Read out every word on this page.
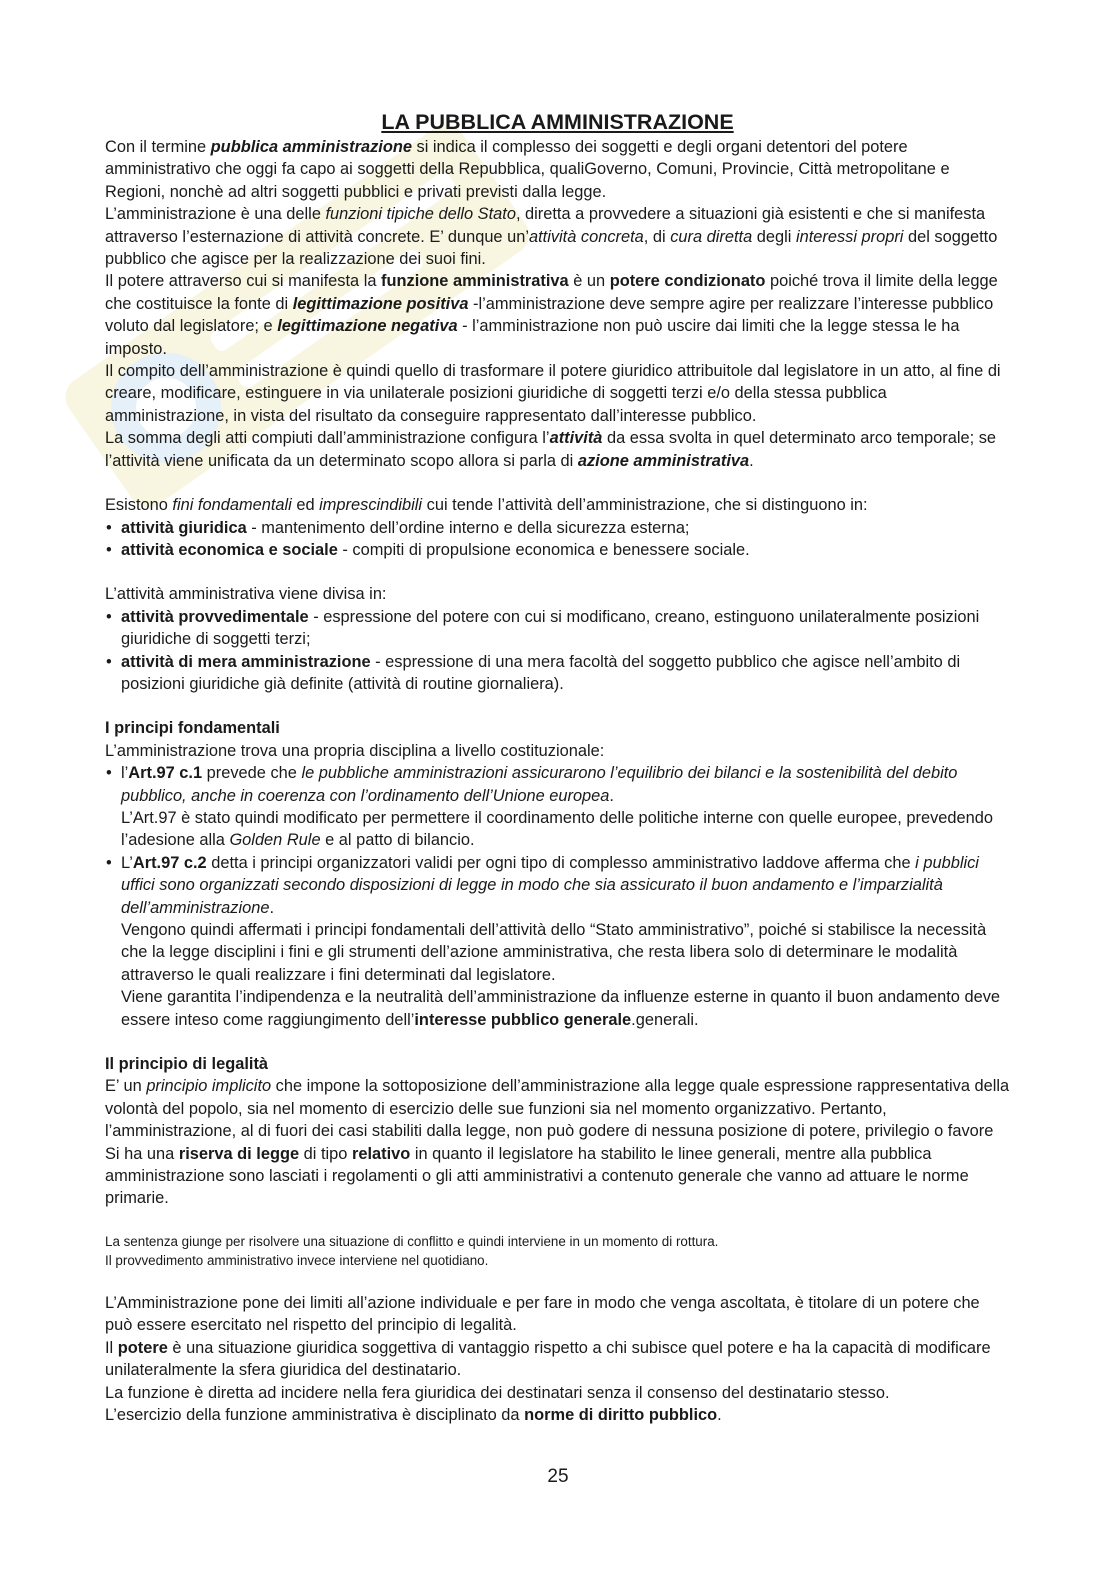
LA PUBBLICA AMMINISTRAZIONE

Con il termine pubblica amministrazione si indica il complesso dei soggetti e degli organi detentori del potere amministrativo che oggi fa capo ai soggetti della Repubblica, qualiGoverno, Comuni, Provincie, Città metropolitane e Regioni, nonchè ad altri soggetti pubblici e privati previsti dalla legge.

L’amministrazione è una delle funzioni tipiche dello Stato, diretta a provvedere a situazioni già esistenti e che si manifesta attraverso l’esternazione di attività concrete. E’ dunque un’attività concreta, di cura diretta degli interessi propri del soggetto pubblico che agisce per la realizzazione dei suoi fini.

Il potere attraverso cui si manifesta la funzione amministrativa è un potere condizionato poiché trova il limite della legge che costituisce la fonte di legittimazione positiva -l’amministrazione deve sempre agire per realizzare l’interesse pubblico voluto dal legislatore; e legittimazione negativa - l’amministrazione non può uscire dai limiti che la legge stessa le ha imposto.

Il compito dell’amministrazione è quindi quello di trasformare il potere giuridico attribuitole dal legislatore in un atto, al fine di creare, modificare, estinguere in via unilaterale posizioni giuridiche di soggetti terzi e/o della stessa pubblica amministrazione, in vista del risultato da conseguire rappresentato dall’interesse pubblico.

La somma degli atti compiuti dall’amministrazione configura l’attività da essa svolta in quel determinato arco temporale; se l’attività viene unificata da un determinato scopo allora si parla di azione amministrativa.

Esistono fini fondamentali ed imprescindibili cui tende l’attività dell’amministrazione, che si distinguono in:

• attività giuridica - mantenimento dell’ordine interno e della sicurezza esterna;
• attività economica e sociale - compiti di propulsione economica e benessere sociale.

L’attività amministrativa viene divisa in:

• attività provvedimentale - espressione del potere con cui si modificano, creano, estinguono unilateralmente posizioni giuridiche di soggetti terzi;
• attività di mera amministrazione - espressione di una mera facoltà del soggetto pubblico che agisce nell’ambito di posizioni giuridiche già definite (attività di routine giornaliera).
I principi fondamentali

L’amministrazione trova una propria disciplina a livello costituzionale:

• l’Art.97 c.1 prevede che le pubbliche amministrazioni assicurarono l’equilibrio dei bilanci e la sostenibilità del debito pubblico, anche in coerenza con l’ordinamento dell’Unione europea.
L’Art.97 è stato quindi modificato per permettere il coordinamento delle politiche interne con quelle europee, prevedendo l’adesione alla Golden Rule e al patto di bilancio.
• L’Art.97 c.2 detta i principi organizzatori validi per ogni tipo di complesso amministrativo laddove afferma che i pubblici uffici sono organizzati secondo disposizioni di legge in modo che sia assicurato il buon andamento e l’imparzialità dell’amministrazione.
Vengono quindi affermati i principi fondamentali dell’attività dello “Stato amministrativo”, poiché si stabilisce la necessità che la legge disciplini i fini e gli strumenti dell’azione amministrativa, che resta libera solo di determinare le modalità attraverso le quali realizzare i fini determinati dal legislatore.
Viene garantita l’indipendenza e la neutralità dell’amministrazione da influenze esterne in quanto il buon andamento deve essere inteso come raggiungimento dell’interesse pubblico generale.generali.
Il principio di legalità

E’ un principio implicito che impone la sottoposizione dell’amministrazione alla legge quale espressione rappresentativa della volontà del popolo, sia nel momento di esercizio delle sue funzioni sia nel momento organizzativo. Pertanto, l’amministrazione, al di fuori dei casi stabiliti dalla legge, non può godere di nessuna posizione di potere, privilegio o favore

Si ha una riserva di legge di tipo relativo in quanto il legislatore ha stabilito le linee generali, mentre alla pubblica amministrazione sono lasciati i regolamenti o gli atti amministrativi a contenuto generale che vanno ad attuare le norme primarie.

La sentenza giunge per risolvere una situazione di conflitto e quindi interviene in un momento di rottura.

Il provvedimento amministrativo invece interviene nel quotidiano.

L’Amministrazione pone dei limiti all’azione individuale e per fare in modo che venga ascoltata, è titolare di un potere che può essere esercitato nel rispetto del principio di legalità.

Il potere è una situazione giuridica soggettiva di vantaggio rispetto a chi subisce quel potere e ha la capacità di modificare unilateralmente la sfera giuridica del destinatario.

La funzione è diretta ad incidere nella fera giuridica dei destinatari senza il consenso del destinatario stesso.

L’esercizio della funzione amministrativa è disciplinato da norme di diritto pubblico.

25
